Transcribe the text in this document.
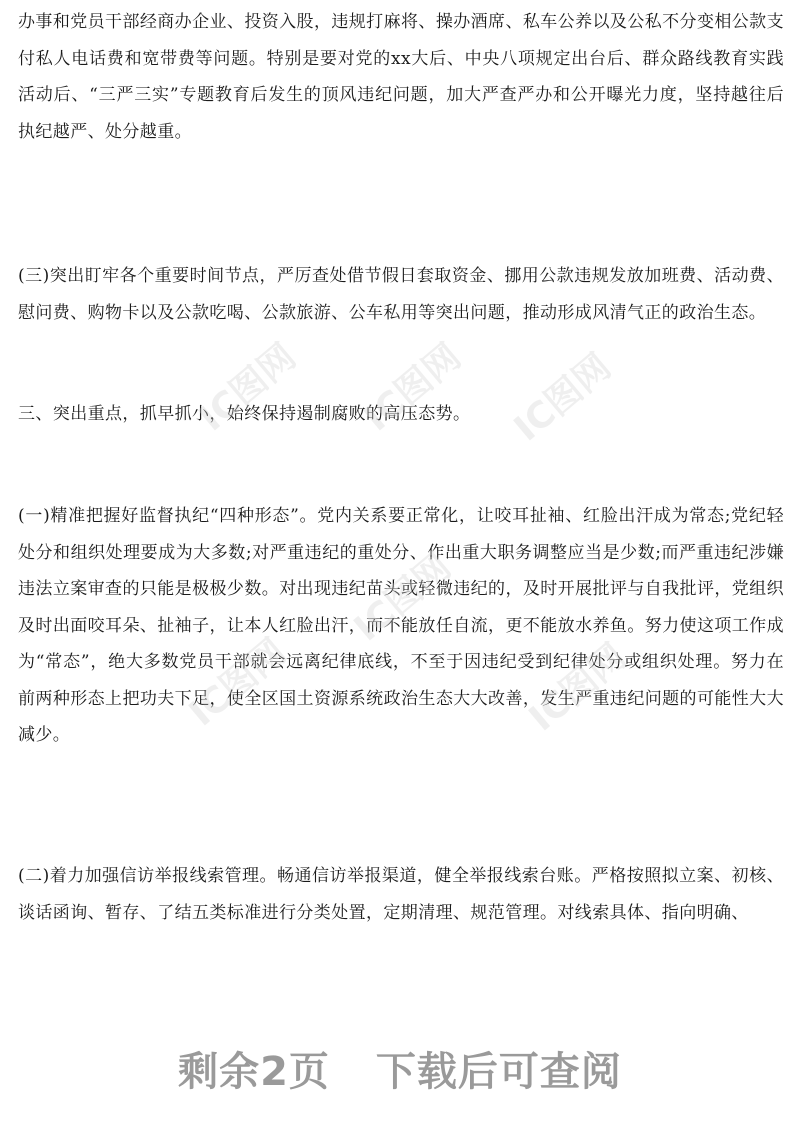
办事和党员干部经商办企业、投资入股，违规打麻将、操办酒席、私车公养以及公私不分变相公款支付私人电话费和宽带费等问题。特别是要对党的xx大后、中央八项规定出台后、群众路线教育实践活动后、“三严三实”专题教育后发生的顶风违纪问题，加大严查严办和公开曝光力度，坚持越往后执纪越严、处分越重。

(三)突出盯牢各个重要时间节点，严厉查处借节假日套取资金、挪用公款违规发放加班费、活动费、慰问费、购物卡以及公款吃喝、公款旅游、公车私用等突出问题，推动形成风清气正的政治生态。

三、突出重点，抓早抓小，始终保持遏制腐败的高压态势。

(一)精准把握好监督执纪“四种形态”。党内关系要正常化，让咬耳扯袖、红脸出汗成为常态;党纪轻处分和组织处理要成为大多数;对严重违纪的重处分、作出重大职务调整应当是少数;而严重违纪涉嫌违法立案审查的只能是极极少数。对出现违纪苗头或轻微违纪的，及时开展批评与自我批评，党组织及时出面咬耳朵、扯袖子，让本人红脸出汗，而不能放任自流，更不能放水养鱼。努力使这项工作成为“常态”，绝大多数党员干部就会远离纪律底线，不至于因违纪受到纪律处分或组织处理。努力在前两种形态上把功夫下足，使全区国土资源系统政治生态大大改善，发生严重违纪问题的可能性大大减少。

(二)着力加强信访举报线索管理。畅通信访举报渠道，健全举报线索台账。严格按照拟立案、初核、谈话函询、暂存、了结五类标准进行分类处置，定期清理、规范管理。对线索具体、指向明确、

IC图网 IC图网 IC图网
IC图网
IC图网
IC图网
剩余2页 下载后可查阅
